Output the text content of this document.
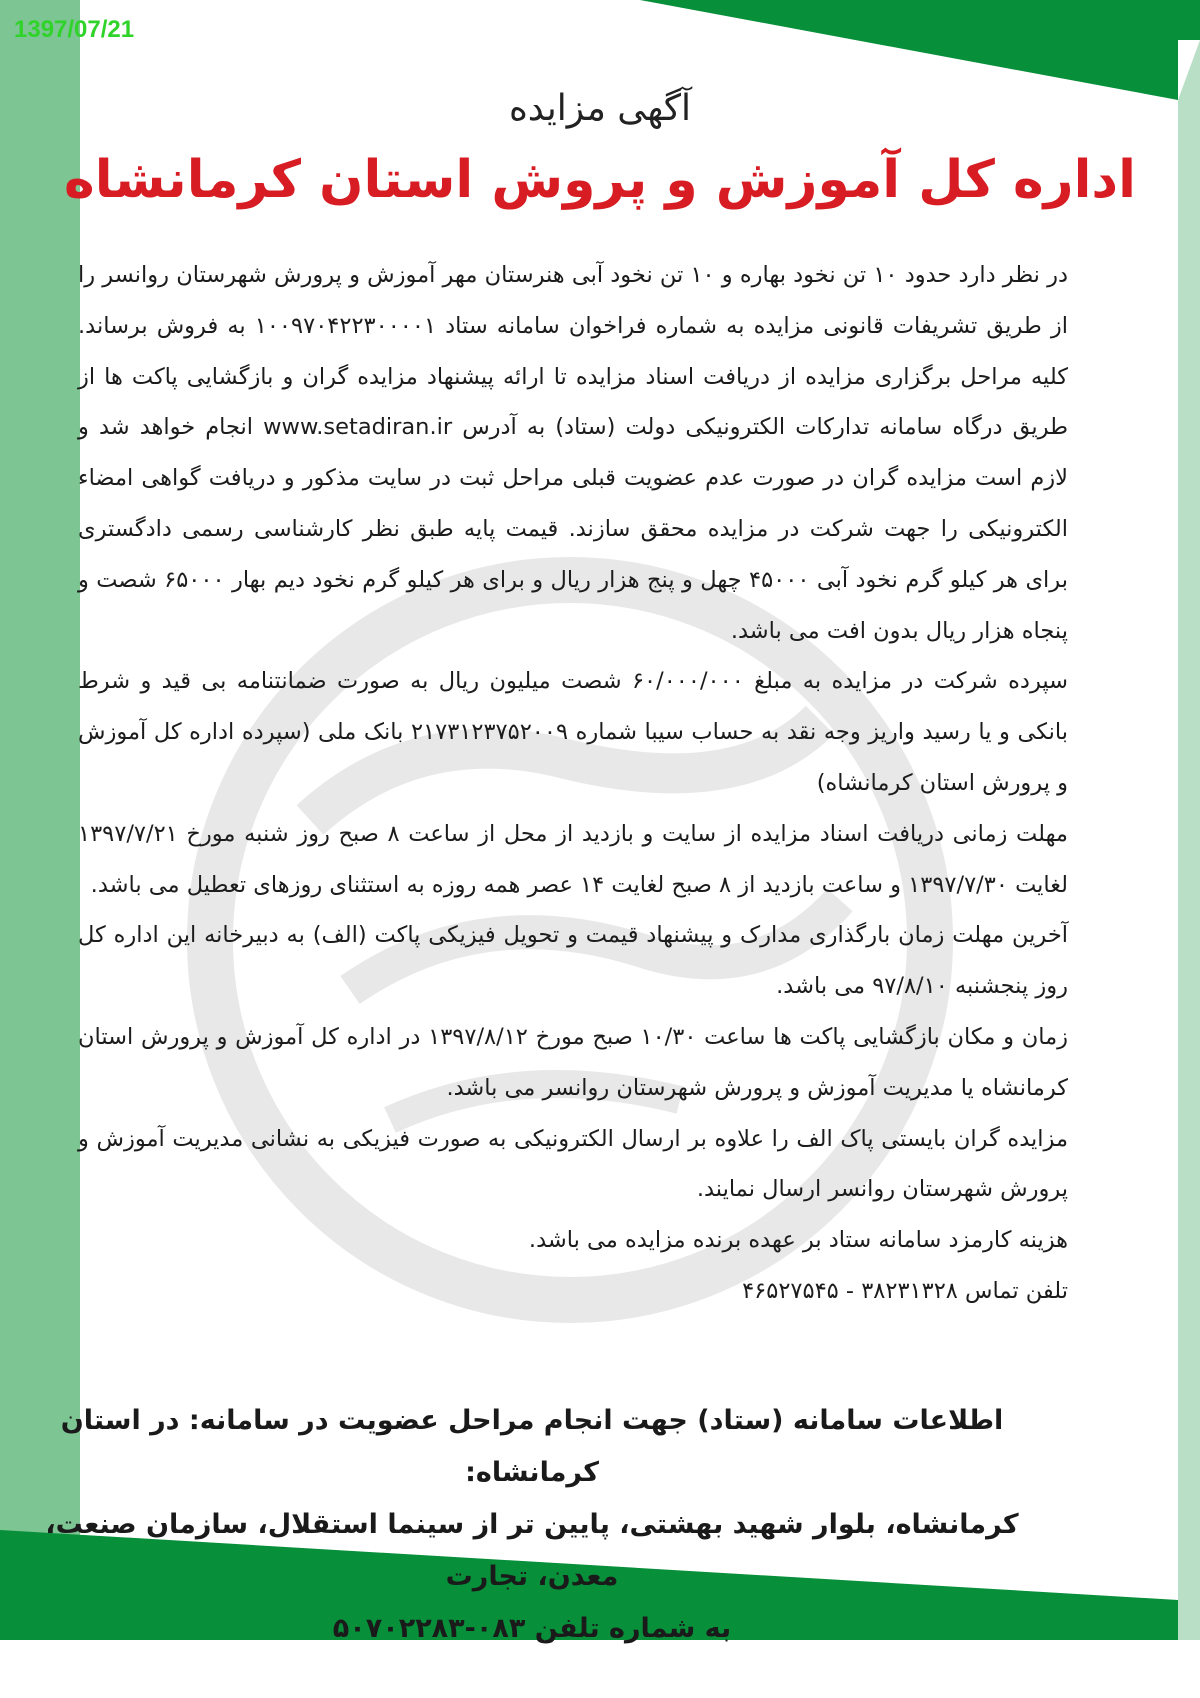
1397/07/21
آگهی مزایده
اداره کل آموزش و پروش استان کرمانشاه

در نظر دارد حدود ۱۰ تن نخود بهاره و ۱۰ تن نخود آبی هنرستان مهر آموزش و پرورش شهرستان روانسر را از طریق تشریفات قانونی مزایده به شماره فراخوان سامانه ستاد ۱۰۰۹۷۰۴۲۲۳۰۰۰۰۱ به فروش برساند. کلیه مراحل برگزاری مزایده از دریافت اسناد مزایده تا ارائه پیشنهاد مزایده گران و بازگشایی پاکت ها از طریق درگاه سامانه تدارکات الکترونیکی دولت (ستاد) به آدرس www.setadiran.ir انجام خواهد شد و لازم است مزایده گران در صورت عدم عضویت قبلی مراحل ثبت در سایت مذکور و دریافت گواهی امضاء الکترونیکی را جهت شرکت در مزایده محقق سازند. قیمت پایه طبق نظر کارشناسی رسمی دادگستری برای هر کیلو گرم نخود آبی ۴۵۰۰۰ چهل و پنج هزار ریال و برای هر کیلو گرم نخود دیم بهار ۶۵۰۰۰ شصت و پنجاه هزار ریال بدون افت می باشد.

سپرده شرکت در مزایده به مبلغ ۶۰/۰۰۰/۰۰۰ شصت میلیون ریال به صورت ضمانتنامه بی قید و شرط بانکی و یا رسید واریز وجه نقد به حساب سیبا شماره ۲۱۷۳۱۲۳۷۵۲۰۰۹ بانک ملی (سپرده اداره کل آموزش و پرورش استان کرمانشاه)

مهلت زمانی دریافت اسناد مزایده از سایت و بازدید از محل از ساعت ۸ صبح روز شنبه مورخ ۱۳۹۷/۷/۲۱ لغایت ۱۳۹۷/۷/۳۰ و ساعت بازدید از ۸ صبح لغایت ۱۴ عصر همه روزه به استثنای روزهای تعطیل می باشد.

آخرین مهلت زمان بارگذاری مدارک و پیشنهاد قیمت و تحویل فیزیکی پاکت (الف) به دبیرخانه این اداره کل روز پنجشنبه ۹۷/۸/۱۰ می باشد.

زمان و مکان بازگشایی پاکت ها ساعت ۱۰/۳۰ صبح مورخ ۱۳۹۷/۸/۱۲ در اداره کل آموزش و پرورش استان کرمانشاه یا مدیریت آموزش و پرورش شهرستان روانسر می باشد.

مزایده گران بایستی پاک الف را علاوه بر ارسال الکترونیکی به صورت فیزیکی به نشانی مدیریت آموزش و پرورش شهرستان روانسر ارسال نمایند.

هزینه کارمزد سامانه ستاد بر عهده برنده مزایده می باشد.

تلفن تماس ۳۸۲۳۱۳۲۸ - ۴۶۵۲۷۵۴۵

اطلاعات سامانه (ستاد) جهت انجام مراحل عضویت در سامانه: در استان کرمانشاه:

کرمانشاه، بلوار شهید بهشتی، پایین تر از سینما استقلال، سازمان صنعت، معدن، تجارت

به شماره تلفن ۰۸۳-۵۰۷۰۲۲۸۳
